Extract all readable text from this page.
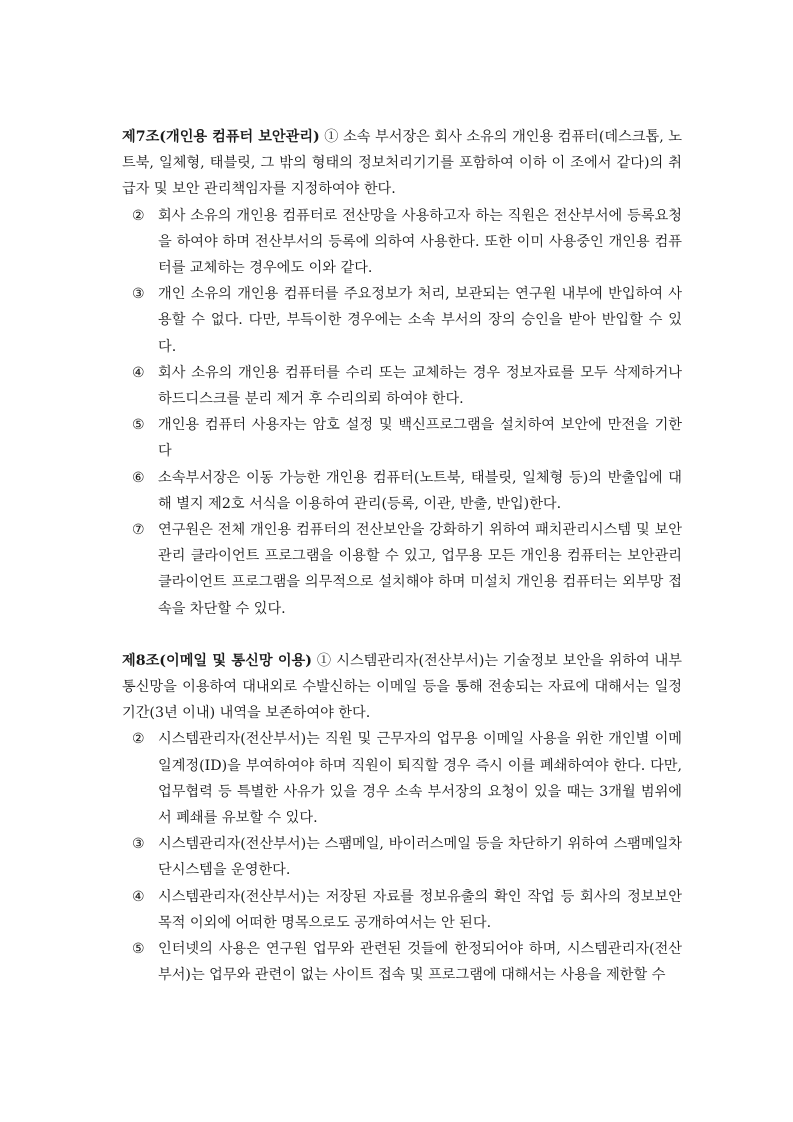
제7조(개인용 컴퓨터 보안관리) ① 소속 부서장은 회사 소유의 개인용 컴퓨터(데스크톱, 노트북, 일체형, 태블릿, 그 밖의 형태의 정보처리기기를 포함하여 이하 이 조에서 같다)의 취급자 및 보안 관리책임자를 지정하여야 한다.
② 회사 소유의 개인용 컴퓨터로 전산망을 사용하고자 하는 직원은 전산부서에 등록요청을 하여야 하며 전산부서의 등록에 의하여 사용한다. 또한 이미 사용중인 개인용 컴퓨터를 교체하는 경우에도 이와 같다.
③ 개인 소유의 개인용 컴퓨터를 주요정보가 처리, 보관되는 연구원 내부에 반입하여 사용할 수 없다. 다만, 부득이한 경우에는 소속 부서의 장의 승인을 받아 반입할 수 있다.
④ 회사 소유의 개인용 컴퓨터를 수리 또는 교체하는 경우 정보자료를 모두 삭제하거나 하드디스크를 분리 제거 후 수리의뢰 하여야 한다.
⑤ 개인용 컴퓨터 사용자는 암호 설정 및 백신프로그램을 설치하여 보안에 만전을 기한다
⑥ 소속부서장은 이동 가능한 개인용 컴퓨터(노트북, 태블릿, 일체형 등)의 반출입에 대해 별지 제2호 서식을 이용하여 관리(등록, 이관, 반출, 반입)한다.
⑦ 연구원은 전체 개인용 컴퓨터의 전산보안을 강화하기 위하여 패치관리시스템 및 보안관리 클라이언트 프로그램을 이용할 수 있고, 업무용 모든 개인용 컴퓨터는 보안관리 클라이언트 프로그램을 의무적으로 설치해야 하며 미설치 개인용 컴퓨터는 외부망 접속을 차단할 수 있다.
제8조(이메일 및 통신망 이용) ① 시스템관리자(전산부서)는 기술정보 보안을 위하여 내부통신망을 이용하여 대내외로 수발신하는 이메일 등을 통해 전송되는 자료에 대해서는 일정기간(3년 이내) 내역을 보존하여야 한다.
② 시스템관리자(전산부서)는 직원 및 근무자의 업무용 이메일 사용을 위한 개인별 이메일계정(ID)을 부여하여야 하며 직원이 퇴직할 경우 즉시 이를 폐쇄하여야 한다. 다만, 업무협력 등 특별한 사유가 있을 경우 소속 부서장의 요청이 있을 때는 3개월 범위에서 폐쇄를 유보할 수 있다.
③ 시스템관리자(전산부서)는 스팸메일, 바이러스메일 등을 차단하기 위하여 스팸메일차단시스템을 운영한다.
④ 시스템관리자(전산부서)는 저장된 자료를 정보유출의 확인 작업 등 회사의 정보보안 목적 이외에 어떠한 명목으로도 공개하여서는 안 된다.
⑤ 인터넷의 사용은 연구원 업무와 관련된 것들에 한정되어야 하며, 시스템관리자(전산부서)는 업무와 관련이 없는 사이트 접속 및 프로그램에 대해서는 사용을 제한할 수
